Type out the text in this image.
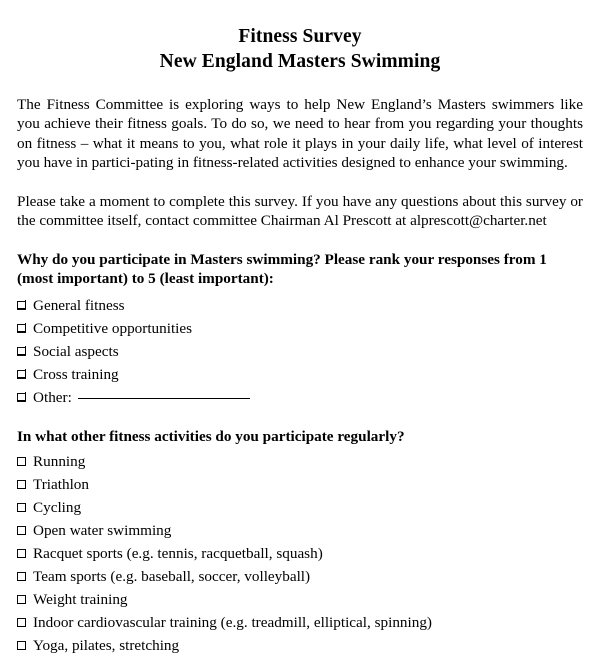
Fitness Survey
New England Masters Swimming

The Fitness Committee is exploring ways to help New England’s Masters swimmers like you achieve their fitness goals. To do so, we need to hear from you regarding your thoughts on fitness – what it means to you, what role it plays in your daily life, what level of interest you have in partici-pating in fitness-related activities designed to enhance your swimming.

Please take a moment to complete this survey. If you have any questions about this survey or the committee itself, contact committee Chairman Al Prescott at alprescott@charter.net

Why do you participate in Masters swimming? Please rank your responses from 1 (most important) to 5 (least important):
General fitness
Competitive opportunities
Social aspects
Cross training
Other:
In what other fitness activities do you participate regularly?
Running
Triathlon
Cycling
Open water swimming
Racquet sports (e.g. tennis, racquetball, squash)
Team sports (e.g. baseball, soccer, volleyball)
Weight training
Indoor cardiovascular training (e.g. treadmill, elliptical, spinning)
Yoga, pilates, stretching
